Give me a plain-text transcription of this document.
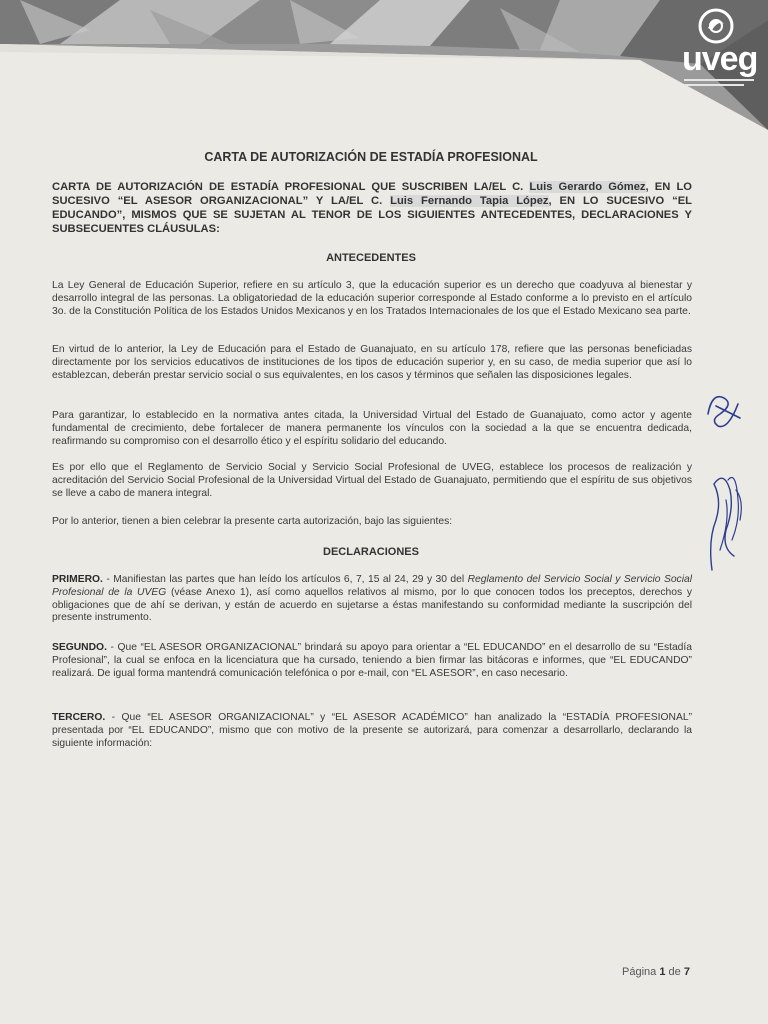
uveg
CARTA DE AUTORIZACIÓN DE ESTADÍA PROFESIONAL
CARTA DE AUTORIZACIÓN DE ESTADÍA PROFESIONAL QUE SUSCRIBEN LA/EL C. Luis Gerardo Gómez, EN LO SUCESIVO “EL ASESOR ORGANIZACIONAL” Y LA/EL C. Luis Fernando Tapia López, EN LO SUCESIVO “EL EDUCANDO”, MISMOS QUE SE SUJETAN AL TENOR DE LOS SIGUIENTES ANTECEDENTES, DECLARACIONES Y SUBSECUENTES CLÁUSULAS:
ANTECEDENTES
La Ley General de Educación Superior, refiere en su artículo 3, que la educación superior es un derecho que coadyuva al bienestar y desarrollo integral de las personas. La obligatoriedad de la educación superior corresponde al Estado conforme a lo previsto en el artículo 3o. de la Constitución Política de los Estados Unidos Mexicanos y en los Tratados Internacionales de los que el Estado Mexicano sea parte.
En virtud de lo anterior, la Ley de Educación para el Estado de Guanajuato, en su artículo 178, refiere que las personas beneficiadas directamente por los servicios educativos de instituciones de los tipos de educación superior y, en su caso, de media superior que así lo establezcan, deberán prestar servicio social o sus equivalentes, en los casos y términos que señalen las disposiciones legales.
Para garantizar, lo establecido en la normativa antes citada, la Universidad Virtual del Estado de Guanajuato, como actor y agente fundamental de crecimiento, debe fortalecer de manera permanente los vínculos con la sociedad a la que se encuentra dedicada, reafirmando su compromiso con el desarrollo ético y el espíritu solidario del educando.
Es por ello que el Reglamento de Servicio Social y Servicio Social Profesional de UVEG, establece los procesos de realización y acreditación del Servicio Social Profesional de la Universidad Virtual del Estado de Guanajuato, permitiendo que el espíritu de sus objetivos se lleve a cabo de manera integral.
Por lo anterior, tienen a bien celebrar la presente carta autorización, bajo las siguientes:
DECLARACIONES
PRIMERO. - Manifiestan las partes que han leído los artículos 6, 7, 15 al 24, 29 y 30 del Reglamento del Servicio Social y Servicio Social Profesional de la UVEG (véase Anexo 1), así como aquellos relativos al mismo, por lo que conocen todos los preceptos, derechos y obligaciones que de ahí se derivan, y están de acuerdo en sujetarse a éstas manifestando su conformidad mediante la suscripción del presente instrumento.
SEGUNDO. - Que “EL ASESOR ORGANIZACIONAL” brindará su apoyo para orientar a “EL EDUCANDO” en el desarrollo de su “Estadía Profesional”, la cual se enfoca en la licenciatura que ha cursado, teniendo a bien firmar las bitácoras e informes, que “EL EDUCANDO” realizará. De igual forma mantendrá comunicación telefónica o por e-mail, con “EL ASESOR”, en caso necesario.
TERCERO. - Que “EL ASESOR ORGANIZACIONAL” y “EL ASESOR ACADÉMICO” han analizado la “ESTADÍA PROFESIONAL” presentada por “EL EDUCANDO”, mismo que con motivo de la presente se autorizará, para comenzar a desarrollarlo, declarando la siguiente información:
Página 1 de 7
